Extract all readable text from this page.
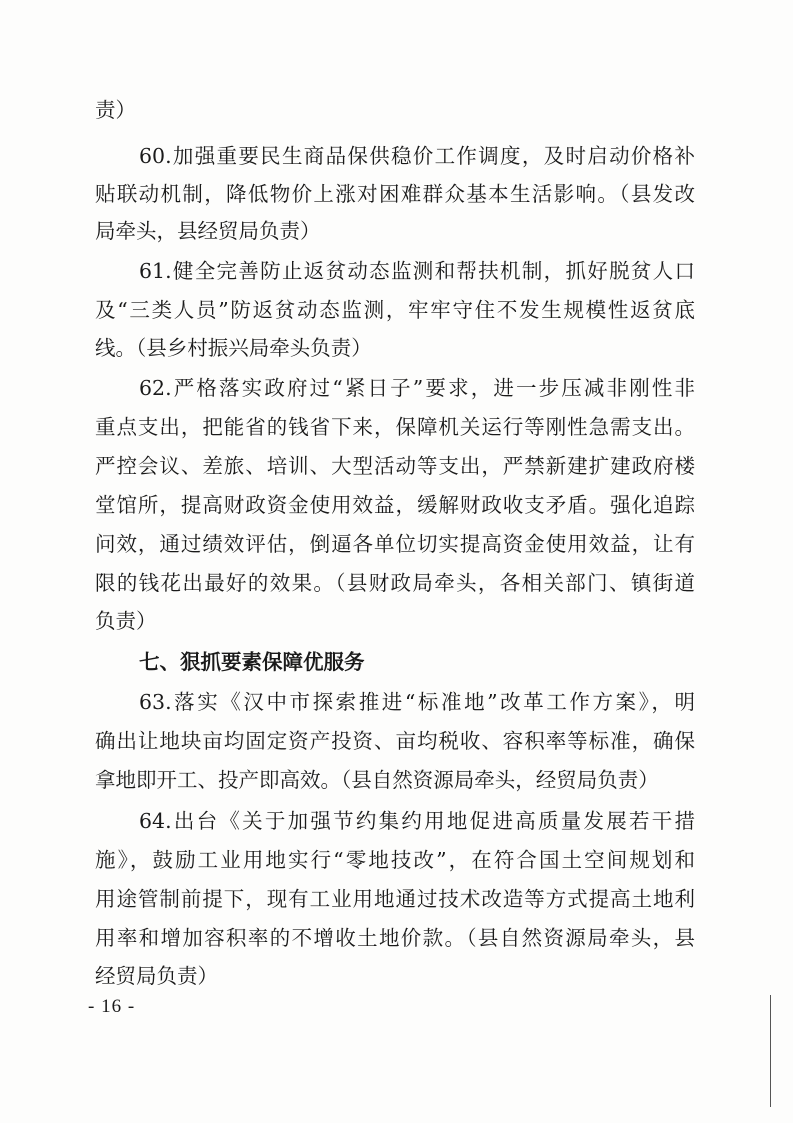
责）
60.加强重要民生商品保供稳价工作调度，及时启动价格补
贴联动机制，降低物价上涨对困难群众基本生活影响。（县发改
局牵头，县经贸局负责）
61.健全完善防止返贫动态监测和帮扶机制，抓好脱贫人口
及“三类人员”防返贫动态监测，牢牢守住不发生规模性返贫底
线。（县乡村振兴局牵头负责）
62.严格落实政府过“紧日子”要求，进一步压减非刚性非
重点支出，把能省的钱省下来，保障机关运行等刚性急需支出。
严控会议、差旅、培训、大型活动等支出，严禁新建扩建政府楼
堂馆所，提高财政资金使用效益，缓解财政收支矛盾。强化追踪
问效，通过绩效评估，倒逼各单位切实提高资金使用效益，让有
限的钱花出最好的效果。（县财政局牵头，各相关部门、镇街道
负责）
七、狠抓要素保障优服务
63.落实《汉中市探索推进“标准地”改革工作方案》，明
确出让地块亩均固定资产投资、亩均税收、容积率等标准，确保
拿地即开工、投产即高效。（县自然资源局牵头，经贸局负责）
64.出台《关于加强节约集约用地促进高质量发展若干措
施》，鼓励工业用地实行“零地技改”，在符合国土空间规划和
用途管制前提下，现有工业用地通过技术改造等方式提高土地利
用率和增加容积率的不增收土地价款。（县自然资源局牵头，县
经贸局负责）
- 16 -
